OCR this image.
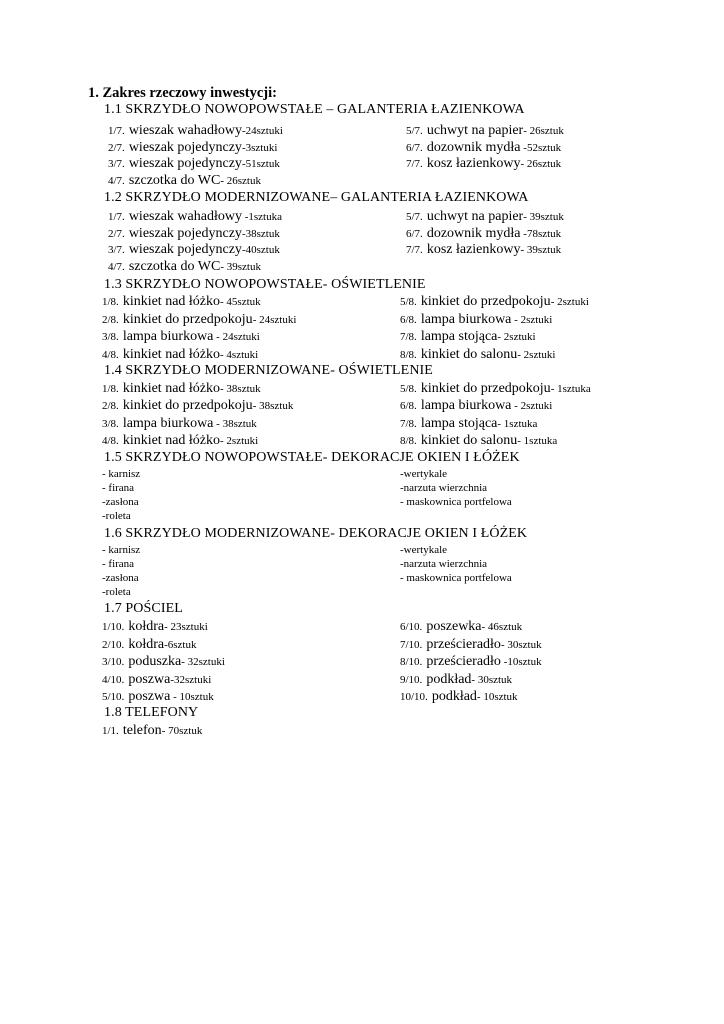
1. Zakres rzeczowy inwestycji:
1.1 SKRZYDŁO NOWOPOWSTAŁE – GALANTERIA ŁAZIENKOWA
1/7. wieszak wahadłowy-24sztuki	5/7. uchwyt na papier- 26sztuk
2/7. wieszak pojedynczy-3sztuki	6/7. dozownik mydła -52sztuk
3/7. wieszak pojedynczy-51sztuk	7/7. kosz łazienkowy- 26sztuk
4/7. szczotka do WC- 26sztuk
1.2 SKRZYDŁO MODERNIZOWANE– GALANTERIA ŁAZIENKOWA
1/7. wieszak wahadłowy -1sztuka	5/7. uchwyt na papier- 39sztuk
2/7. wieszak pojedynczy-38sztuk	6/7. dozownik mydła -78sztuk
3/7. wieszak pojedynczy-40sztuk	7/7. kosz łazienkowy- 39sztuk
4/7. szczotka do WC- 39sztuk
1.3 SKRZYDŁO NOWOPOWSTAŁE- OŚWIETLENIE
1/8. kinkiet nad łóżko- 45sztuk	5/8. kinkiet do przedpokoju- 2sztuki
2/8. kinkiet do przedpokoju- 24sztuki	6/8. lampa biurkowa - 2sztuki
3/8. lampa biurkowa - 24sztuki	7/8. lampa stojąca- 2sztuki
4/8. kinkiet nad łóżko- 4sztuki	8/8. kinkiet do salonu- 2sztuki
1.4 SKRZYDŁO MODERNIZOWANE- OŚWIETLENIE
1/8. kinkiet nad łóżko- 38sztuk	5/8. kinkiet do przedpokoju- 1sztuka
2/8. kinkiet do przedpokoju- 38sztuk	6/8. lampa biurkowa - 2sztuki
3/8. lampa biurkowa - 38sztuk	7/8. lampa stojąca- 1sztuka
4/8. kinkiet nad łóżko- 2sztuki	8/8. kinkiet do salonu- 1sztuka
1.5 SKRZYDŁO NOWOPOWSTAŁE- DEKORACJE OKIEN I ŁÓŻEK
- karnisz	-wertykale
- firana	-narzuta wierzchnia
-zasłona	- maskownica portfelowa
-roleta
1.6 SKRZYDŁO MODERNIZOWANE- DEKORACJE OKIEN I ŁÓŻEK
- karnisz	-wertykale
- firana	-narzuta wierzchnia
-zasłona	- maskownica portfelowa
-roleta
1.7 POŚCIEL
1/10. kołdra- 23sztuki	6/10. poszewka- 46sztuk
2/10. kołdra-6sztuk	7/10. prześcieradło- 30sztuk
3/10. poduszka- 32sztuki	8/10. prześcieradło -10sztuk
4/10. poszwa-32sztuki	9/10. podkład- 30sztuk
5/10. poszwa - 10sztuk	10/10. podkład- 10sztuk
1.8 TELEFONY
1/1. telefon- 70sztuk
